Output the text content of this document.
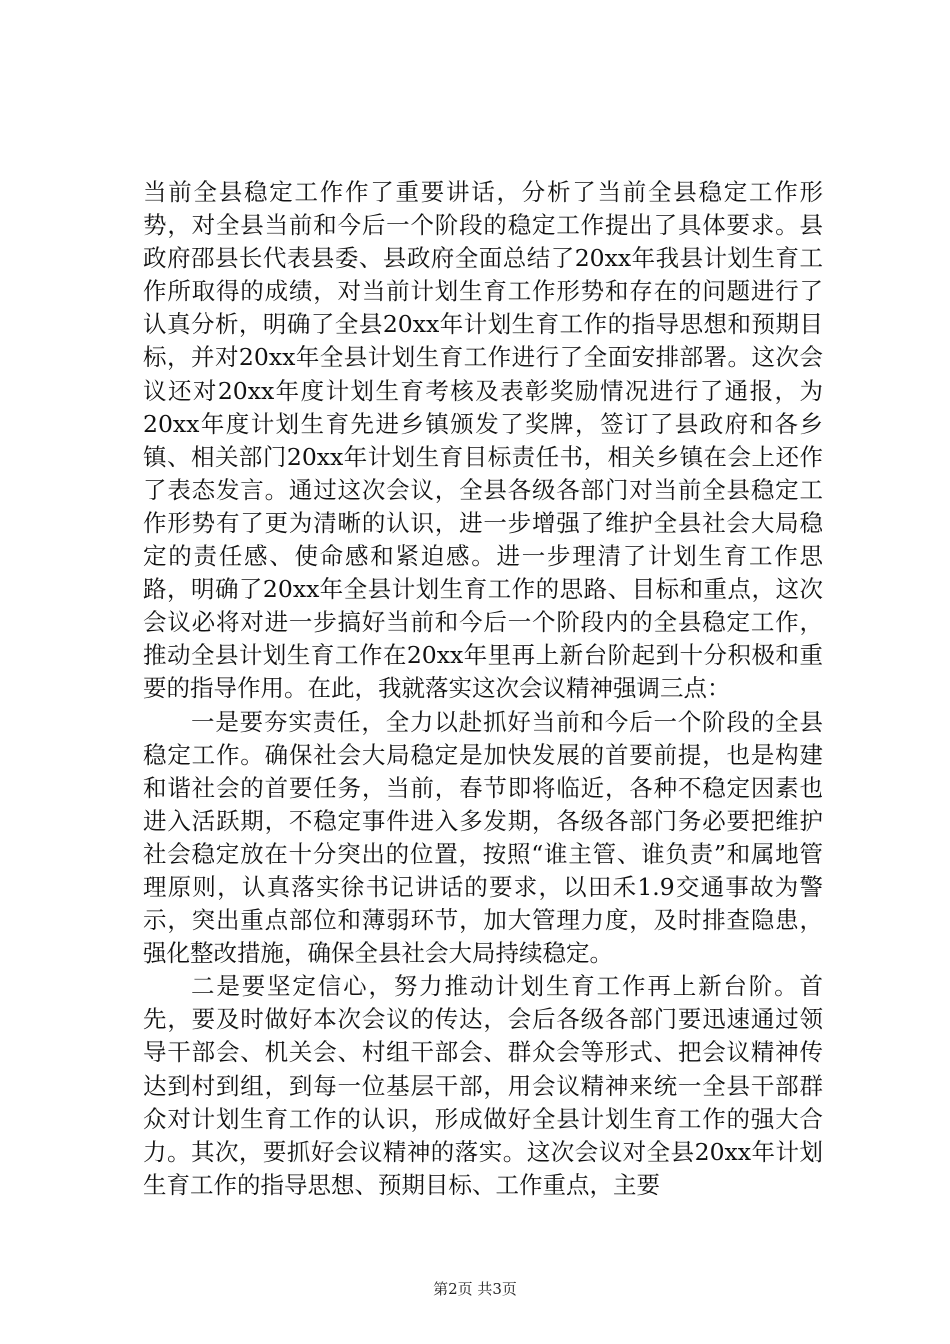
当前全县稳定工作作了重要讲话，分析了当前全县稳定工作形势，对全县当前和今后一个阶段的稳定工作提出了具体要求。县政府邵县长代表县委、县政府全面总结了20xx年我县计划生育工作所取得的成绩，对当前计划生育工作形势和存在的问题进行了认真分析，明确了全县20xx年计划生育工作的指导思想和预期目标，并对20xx年全县计划生育工作进行了全面安排部署。这次会议还对20xx年度计划生育考核及表彰奖励情况进行了通报，为20xx年度计划生育先进乡镇颁发了奖牌，签订了县政府和各乡镇、相关部门20xx年计划生育目标责任书，相关乡镇在会上还作了表态发言。通过这次会议，全县各级各部门对当前全县稳定工作形势有了更为清晰的认识，进一步增强了维护全县社会大局稳定的责任感、使命感和紧迫感。进一步理清了计划生育工作思路，明确了20xx年全县计划生育工作的思路、目标和重点，这次会议必将对进一步搞好当前和今后一个阶段内的全县稳定工作，推动全县计划生育工作在20xx年里再上新台阶起到十分积极和重要的指导作用。在此，我就落实这次会议精神强调三点：

一是要夯实责任，全力以赴抓好当前和今后一个阶段的全县稳定工作。确保社会大局稳定是加快发展的首要前提，也是构建和谐社会的首要任务，当前，春节即将临近，各种不稳定因素也进入活跃期，不稳定事件进入多发期，各级各部门务必要把维护社会稳定放在十分突出的位置，按照“谁主管、谁负责”和属地管理原则，认真落实徐书记讲话的要求，以田禾1.9交通事故为警示，突出重点部位和薄弱环节，加大管理力度，及时排查隐患，强化整改措施，确保全县社会大局持续稳定。

二是要坚定信心，努力推动计划生育工作再上新台阶。首先，要及时做好本次会议的传达，会后各级各部门要迅速通过领导干部会、机关会、村组干部会、群众会等形式、把会议精神传达到村到组，到每一位基层干部，用会议精神来统一全县干部群众对计划生育工作的认识，形成做好全县计划生育工作的强大合力。其次，要抓好会议精神的落实。这次会议对全县20xx年计划生育工作的指导思想、预期目标、工作重点，主要

第2页 共3页
